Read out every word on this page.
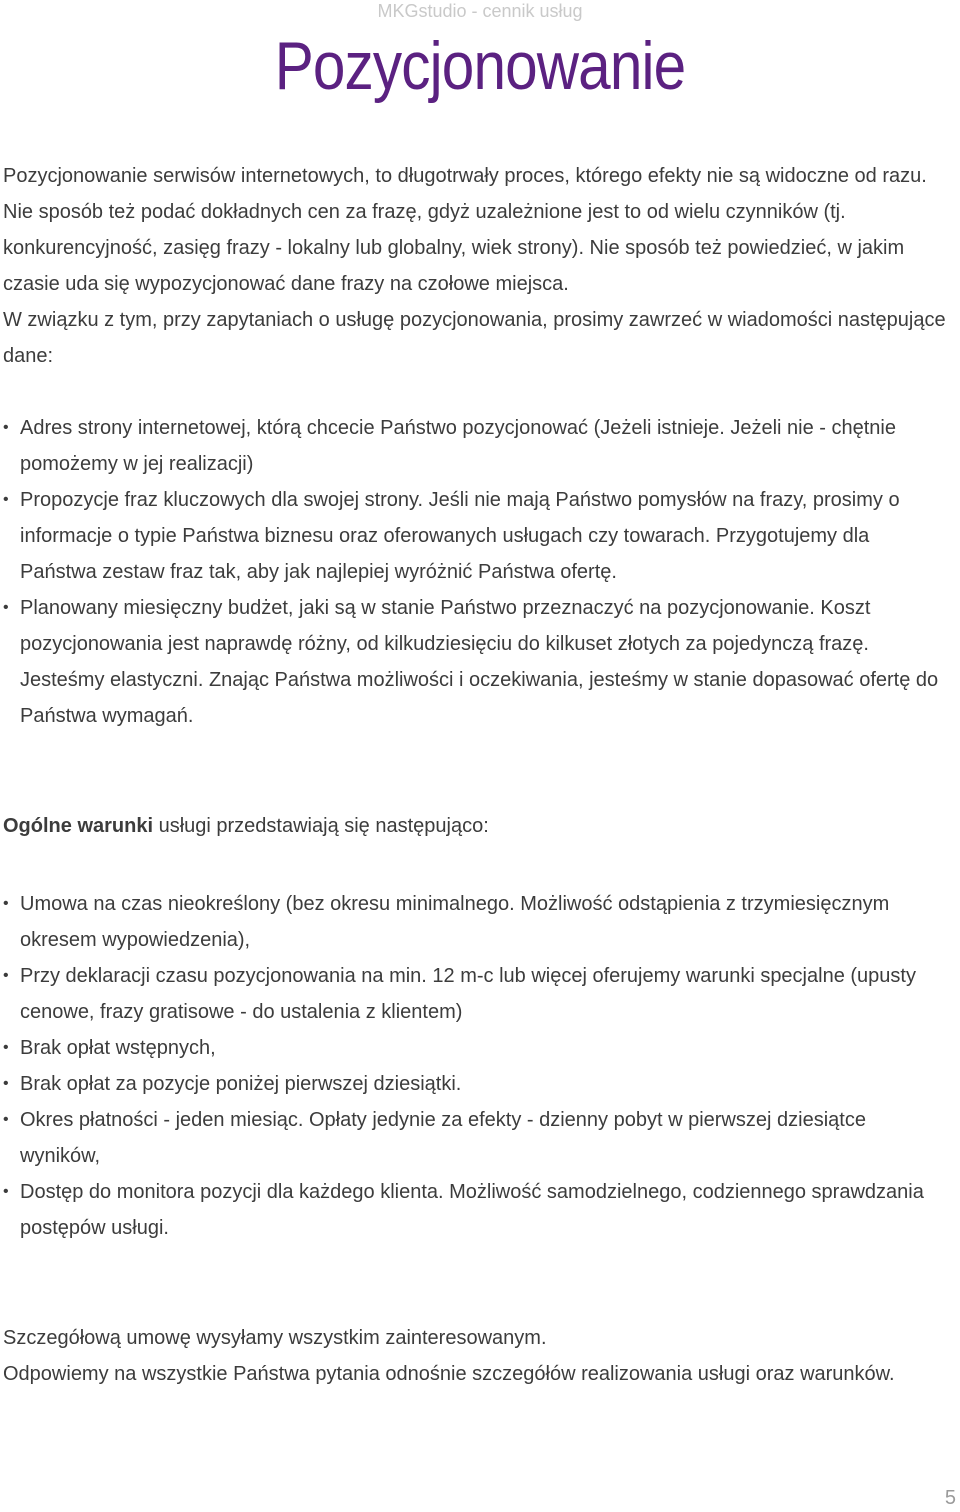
MKGstudio - cennik usług
Pozycjonowanie

Pozycjonowanie serwisów internetowych, to długotrwały proces, którego efekty nie są widoczne od razu. Nie sposób też podać dokładnych cen za frazę, gdyż uzależnione jest to od wielu czynników (tj. konkurencyjność, zasięg frazy - lokalny lub globalny, wiek strony). Nie sposób też powiedzieć, w jakim czasie uda się wypozycjonować dane frazy na czołowe miejsca.

W związku z tym, przy zapytaniach o usługę pozycjonowania, prosimy zawrzeć w wiadomości następujące dane:

• Adres strony internetowej, którą chcecie Państwo pozycjonować (Jeżeli istnieje. Jeżeli nie - chętnie pomożemy w jej realizacji)
• Propozycje fraz kluczowych dla swojej strony. Jeśli nie mają Państwo pomysłów na frazy, prosimy o informacje o typie Państwa biznesu oraz oferowanych usługach czy towarach. Przygotujemy dla Państwa zestaw fraz tak, aby jak najlepiej wyróżnić Państwa ofertę.
• Planowany miesięczny budżet, jaki są w stanie Państwo przeznaczyć na pozycjonowanie. Koszt pozycjonowania jest naprawdę różny, od kilkudziesięciu do kilkuset złotych za pojedynczą frazę. Jesteśmy elastyczni. Znając Państwa możliwości i oczekiwania, jesteśmy w stanie dopasować ofertę do Państwa wymagań.
Ogólne warunki usługi przedstawiają się następująco:
• Umowa na czas nieokreślony (bez okresu minimalnego. Możliwość odstąpienia z trzymiesięcznym okresem wypowiedzenia),
• Przy deklaracji czasu pozycjonowania na min. 12 m-c lub więcej oferujemy warunki specjalne (upusty cenowe, frazy gratisowe - do ustalenia z klientem)
• Brak opłat wstępnych,
• Brak opłat za pozycje poniżej pierwszej dziesiątki.
• Okres płatności - jeden miesiąc. Opłaty jedynie za efekty - dzienny pobyt w pierwszej dziesiątce wyników,
• Dostęp do monitora pozycji dla każdego klienta. Możliwość samodzielnego, codziennego sprawdzania postępów usługi.

Szczegółową umowę wysyłamy wszystkim zainteresowanym.

Odpowiemy na wszystkie Państwa pytania odnośnie szczegółów realizowania usługi oraz warunków.

5
